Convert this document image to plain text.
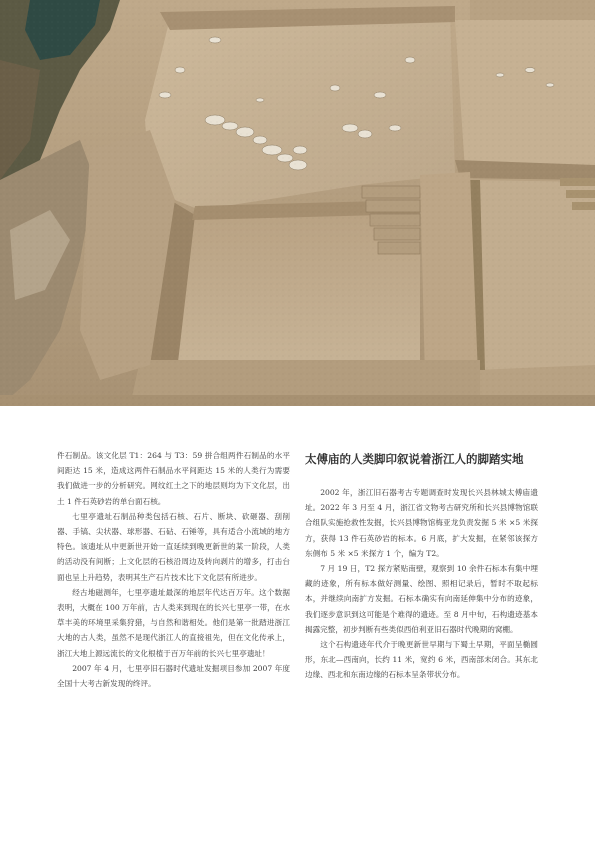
件石制品。该文化层 T1：264 与 T3：59 拼合组两件石制品的水平间距达 15 米，造成这两件石制品水平间距达 15 米的人类行为需要我们做进一步的分析研究。网纹红土之下的地层则均为下文化层，出土 1 件石英砂岩的单台面石核。

七里亭遗址石制品种类包括石核、石片、断块、砍砸器、刮削器、手镐、尖状器、球形器、石砧、石锤等，具有适合小流域的地方特色。该遗址从中更新世开始一直延续到晚更新世的某一阶段，人类的活动没有间断；上文化层的石核沿周边及转向剥片的增多，打击台面也呈上升趋势，表明其生产石片技术比下文化层有所进步。

经古地磁测年，七里亭遗址最深的地层年代达百万年。这个数据表明，大概在 100 万年前，古人类来到现在的长兴七里亭一带，在水草丰美的环境里采集狩猎，与自然和谐相处。他们是第一批踏进浙江大地的古人类，虽然不是现代浙江人的直接祖先，但在文化传承上，浙江大地上源远流长的文化根植于百万年前的长兴七里亭遗址！

2007 年 4 月，七里亭旧石器时代遗址发掘项目参加 2007 年度全国十大考古新发现的终评。

太傅庙的人类脚印叙说着浙江人的脚踏实地

2002 年，浙江旧石器考古专题调查时发现长兴县林城太傅庙遗址。2022 年 3 月至 4 月，浙江省文物考古研究所和长兴县博物馆联合组队实施抢救性发掘，长兴县博物馆梅亚龙负责发掘 5 米 ×5 米探方，获得 13 件石英砂岩的标本。6 月底，扩大发掘，在紧邻该探方东侧布 5 米 ×5 米探方 1 个，编为 T2。

7 月 19 日，T2 探方紧贴南壁，观察到 10 余件石标本有集中埋藏的迹象，所有标本做好测量、绘图、照相记录后，暂时不取起标本，并继续向南扩方发掘。石标本确实有向南延伸集中分布的迹象，我们逐步意识到这可能是个难得的遗迹。至 8 月中旬，石构遗迹基本揭露完整，初步判断有些类似西伯利亚旧石器时代晚期的窝棚。

这个石构遗迹年代介于晚更新世早期与下蜀土早期，平面呈椭圆形，东北—西南向，长约 11 米，宽约 6 米，西南部未闭合。其东北边缘、西北和东南边缘的石标本呈条带状分布。
